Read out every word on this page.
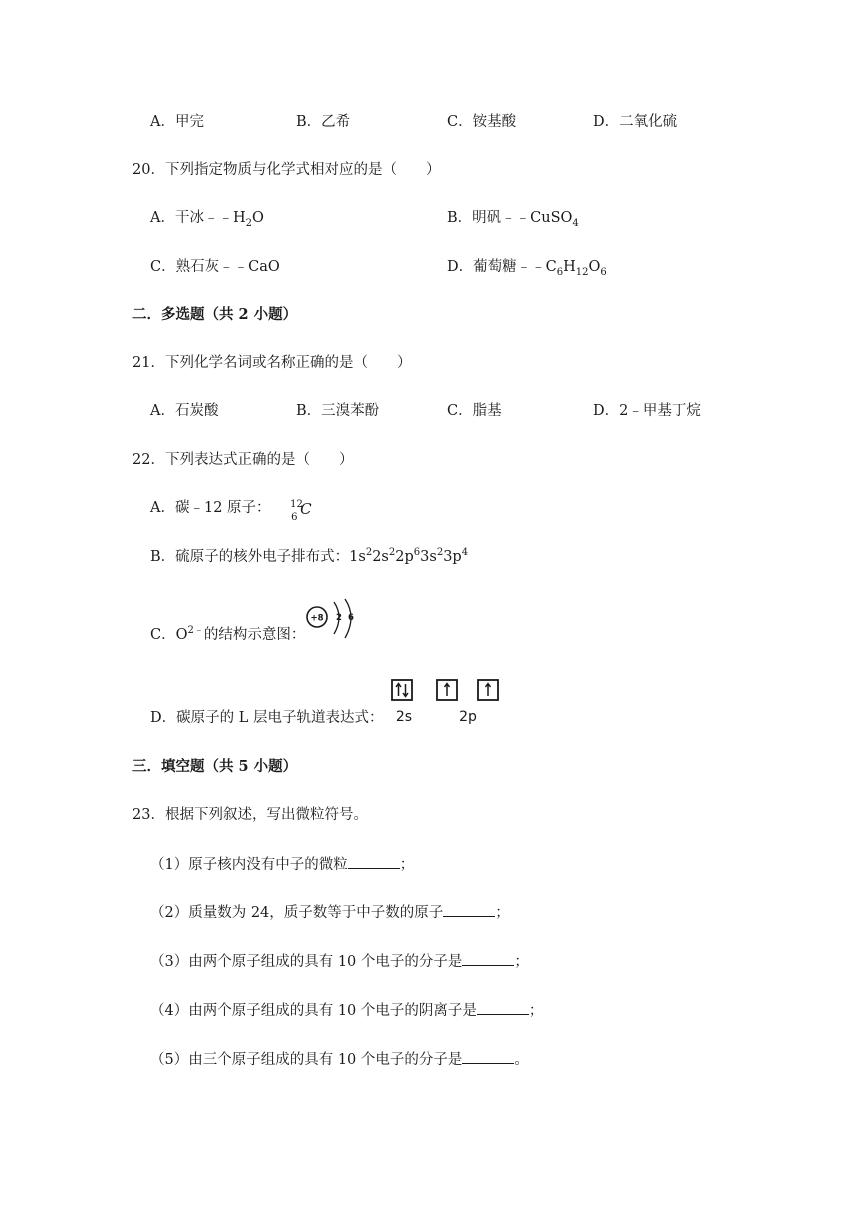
A．甲完	B．乙希	C．铵基酸	D．二氧化硫
20．下列指定物质与化学式相对应的是（　　）
A．干冰$﹣﹣H_2O$	B．明矾﹣﹣CuSO$_4$
C．熟石灰﹣﹣CaO	D．葡萄糖$﹣﹣C_6H_{12}O_6$
二．多选题（共 2 小题）
21．下列化学名词或名称正确的是（　　）
A．石炭酸	B．三溴苯酚	C．脂基	D．2﹣甲基丁烷
22．下列表达式正确的是（　　）
A．碳﹣12 原子： 12
6 C
B．硫原子的核外电子排布式：$1s^22s^22p^63s^23p^4$
C．$O^{2﹣}$的结构示意图：
+8 2 6
D．碳原子的 L 层电子轨道表达式： 2s	2p
三．填空题（共 5 小题）
23．根据下列叙述，写出微粒符号。
（1）原子核内没有中子的微粒	；
（2）质量数为 24，质子数等于中子数的原子	；
（3）由两个原子组成的具有 10 个电子的分子是	；
（4）由两个原子组成的具有 10 个电子的阴离子是	；
（5）由三个原子组成的具有 10 个电子的分子是	。
